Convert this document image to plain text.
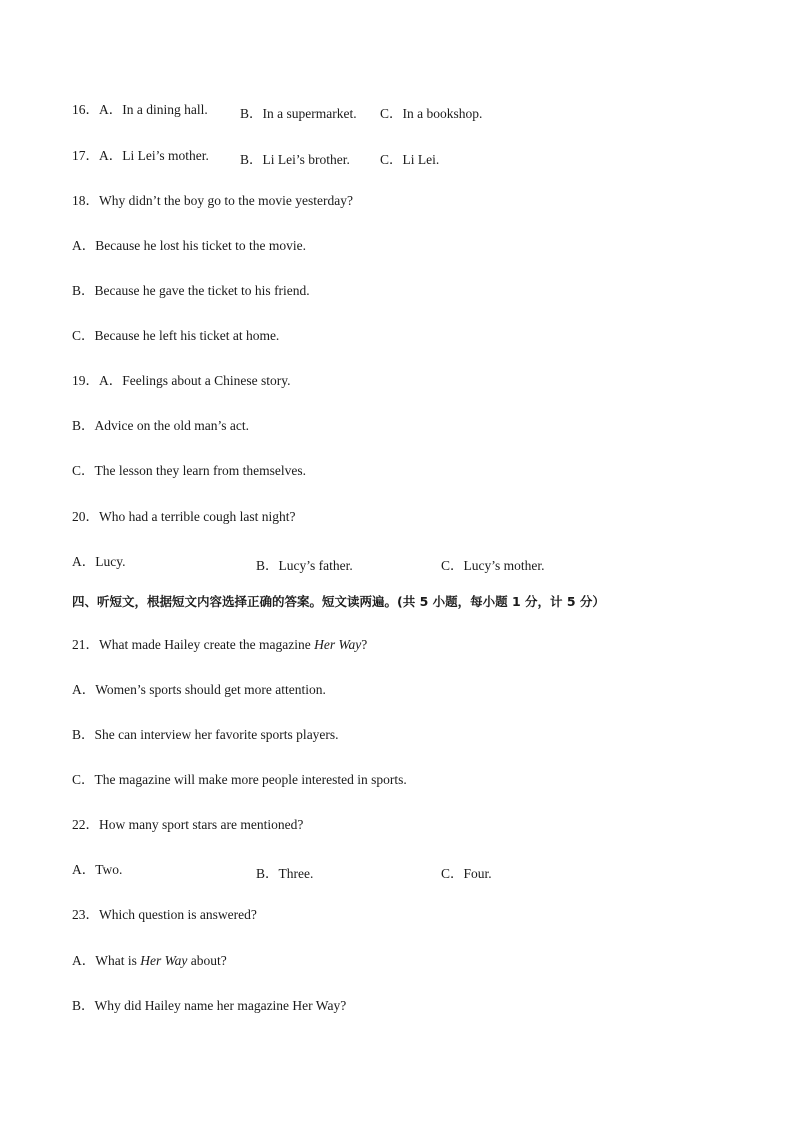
16．A．In a dining hall. B．In a supermarket. C．In a bookshop.
17．A．Li Lei’s mother. B．Li Lei’s brother. C．Li Lei.
18．Why didn’t the boy go to the movie yesterday?
A．Because he lost his ticket to the movie.
B．Because he gave the ticket to his friend.
C．Because he left his ticket at home.
19．A．Feelings about a Chinese story.
B．Advice on the old man’s act.
C．The lesson they learn from themselves.
20．Who had a terrible cough last night?
A．Lucy.	B．Lucy’s father.	C．Lucy’s mother.
四、听短文，根据短文内容选择正确的答案。短文读两遍。(共 5 小题，每小题 1 分，计 5 分）
21．What made Hailey create the magazine Her Way?
A．Women’s sports should get more attention.
B．She can interview her favorite sports players.
C．The magazine will make more people interested in sports.
22．How many sport stars are mentioned?
A．Two.	B．Three.	C．Four.
23．Which question is answered?
A．What is Her Way about?
B．Why did Hailey name her magazine Her Way?
